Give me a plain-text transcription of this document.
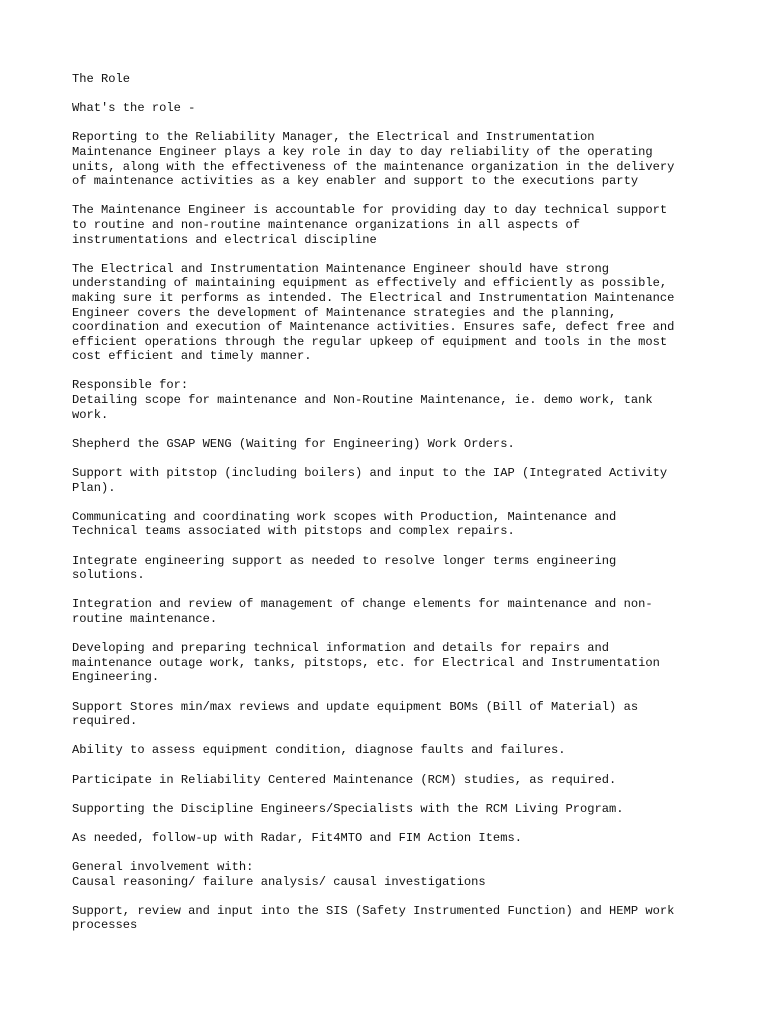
The Role
What's the role -
Reporting to the Reliability Manager, the Electrical and Instrumentation
Maintenance Engineer plays a key role in day to day reliability of the operating
units, along with the effectiveness of the maintenance organization in the delivery
of maintenance activities as a key enabler and support to the executions party
The Maintenance Engineer is accountable for providing day to day technical support
to routine and non-routine maintenance organizations in all aspects of
instrumentations and electrical discipline
The Electrical and Instrumentation Maintenance Engineer should have strong
understanding of maintaining equipment as effectively and efficiently as possible,
making sure it performs as intended. The Electrical and Instrumentation Maintenance
Engineer covers the development of Maintenance strategies and the planning,
coordination and execution of Maintenance activities. Ensures safe, defect free and
efficient operations through the regular upkeep of equipment and tools in the most
cost efficient and timely manner.
Responsible for:
Detailing scope for maintenance and Non-Routine Maintenance, ie. demo work, tank
work.
Shepherd the GSAP WENG (Waiting for Engineering) Work Orders.
Support with pitstop (including boilers) and input to the IAP (Integrated Activity
Plan).
Communicating and coordinating work scopes with Production, Maintenance and
Technical teams associated with pitstops and complex repairs.
Integrate engineering support as needed to resolve longer terms engineering
solutions.
Integration and review of management of change elements for maintenance and non-
routine maintenance.
Developing and preparing technical information and details for repairs and
maintenance outage work, tanks, pitstops, etc. for Electrical and Instrumentation
Engineering.
Support Stores min/max reviews and update equipment BOMs (Bill of Material) as
required.
Ability to assess equipment condition, diagnose faults and failures.
Participate in Reliability Centered Maintenance (RCM) studies, as required.
Supporting the Discipline Engineers/Specialists with the RCM Living Program.
As needed, follow-up with Radar, Fit4MTO and FIM Action Items.
General involvement with:
Causal reasoning/ failure analysis/ causal investigations
Support, review and input into the SIS (Safety Instrumented Function) and HEMP work
processes
